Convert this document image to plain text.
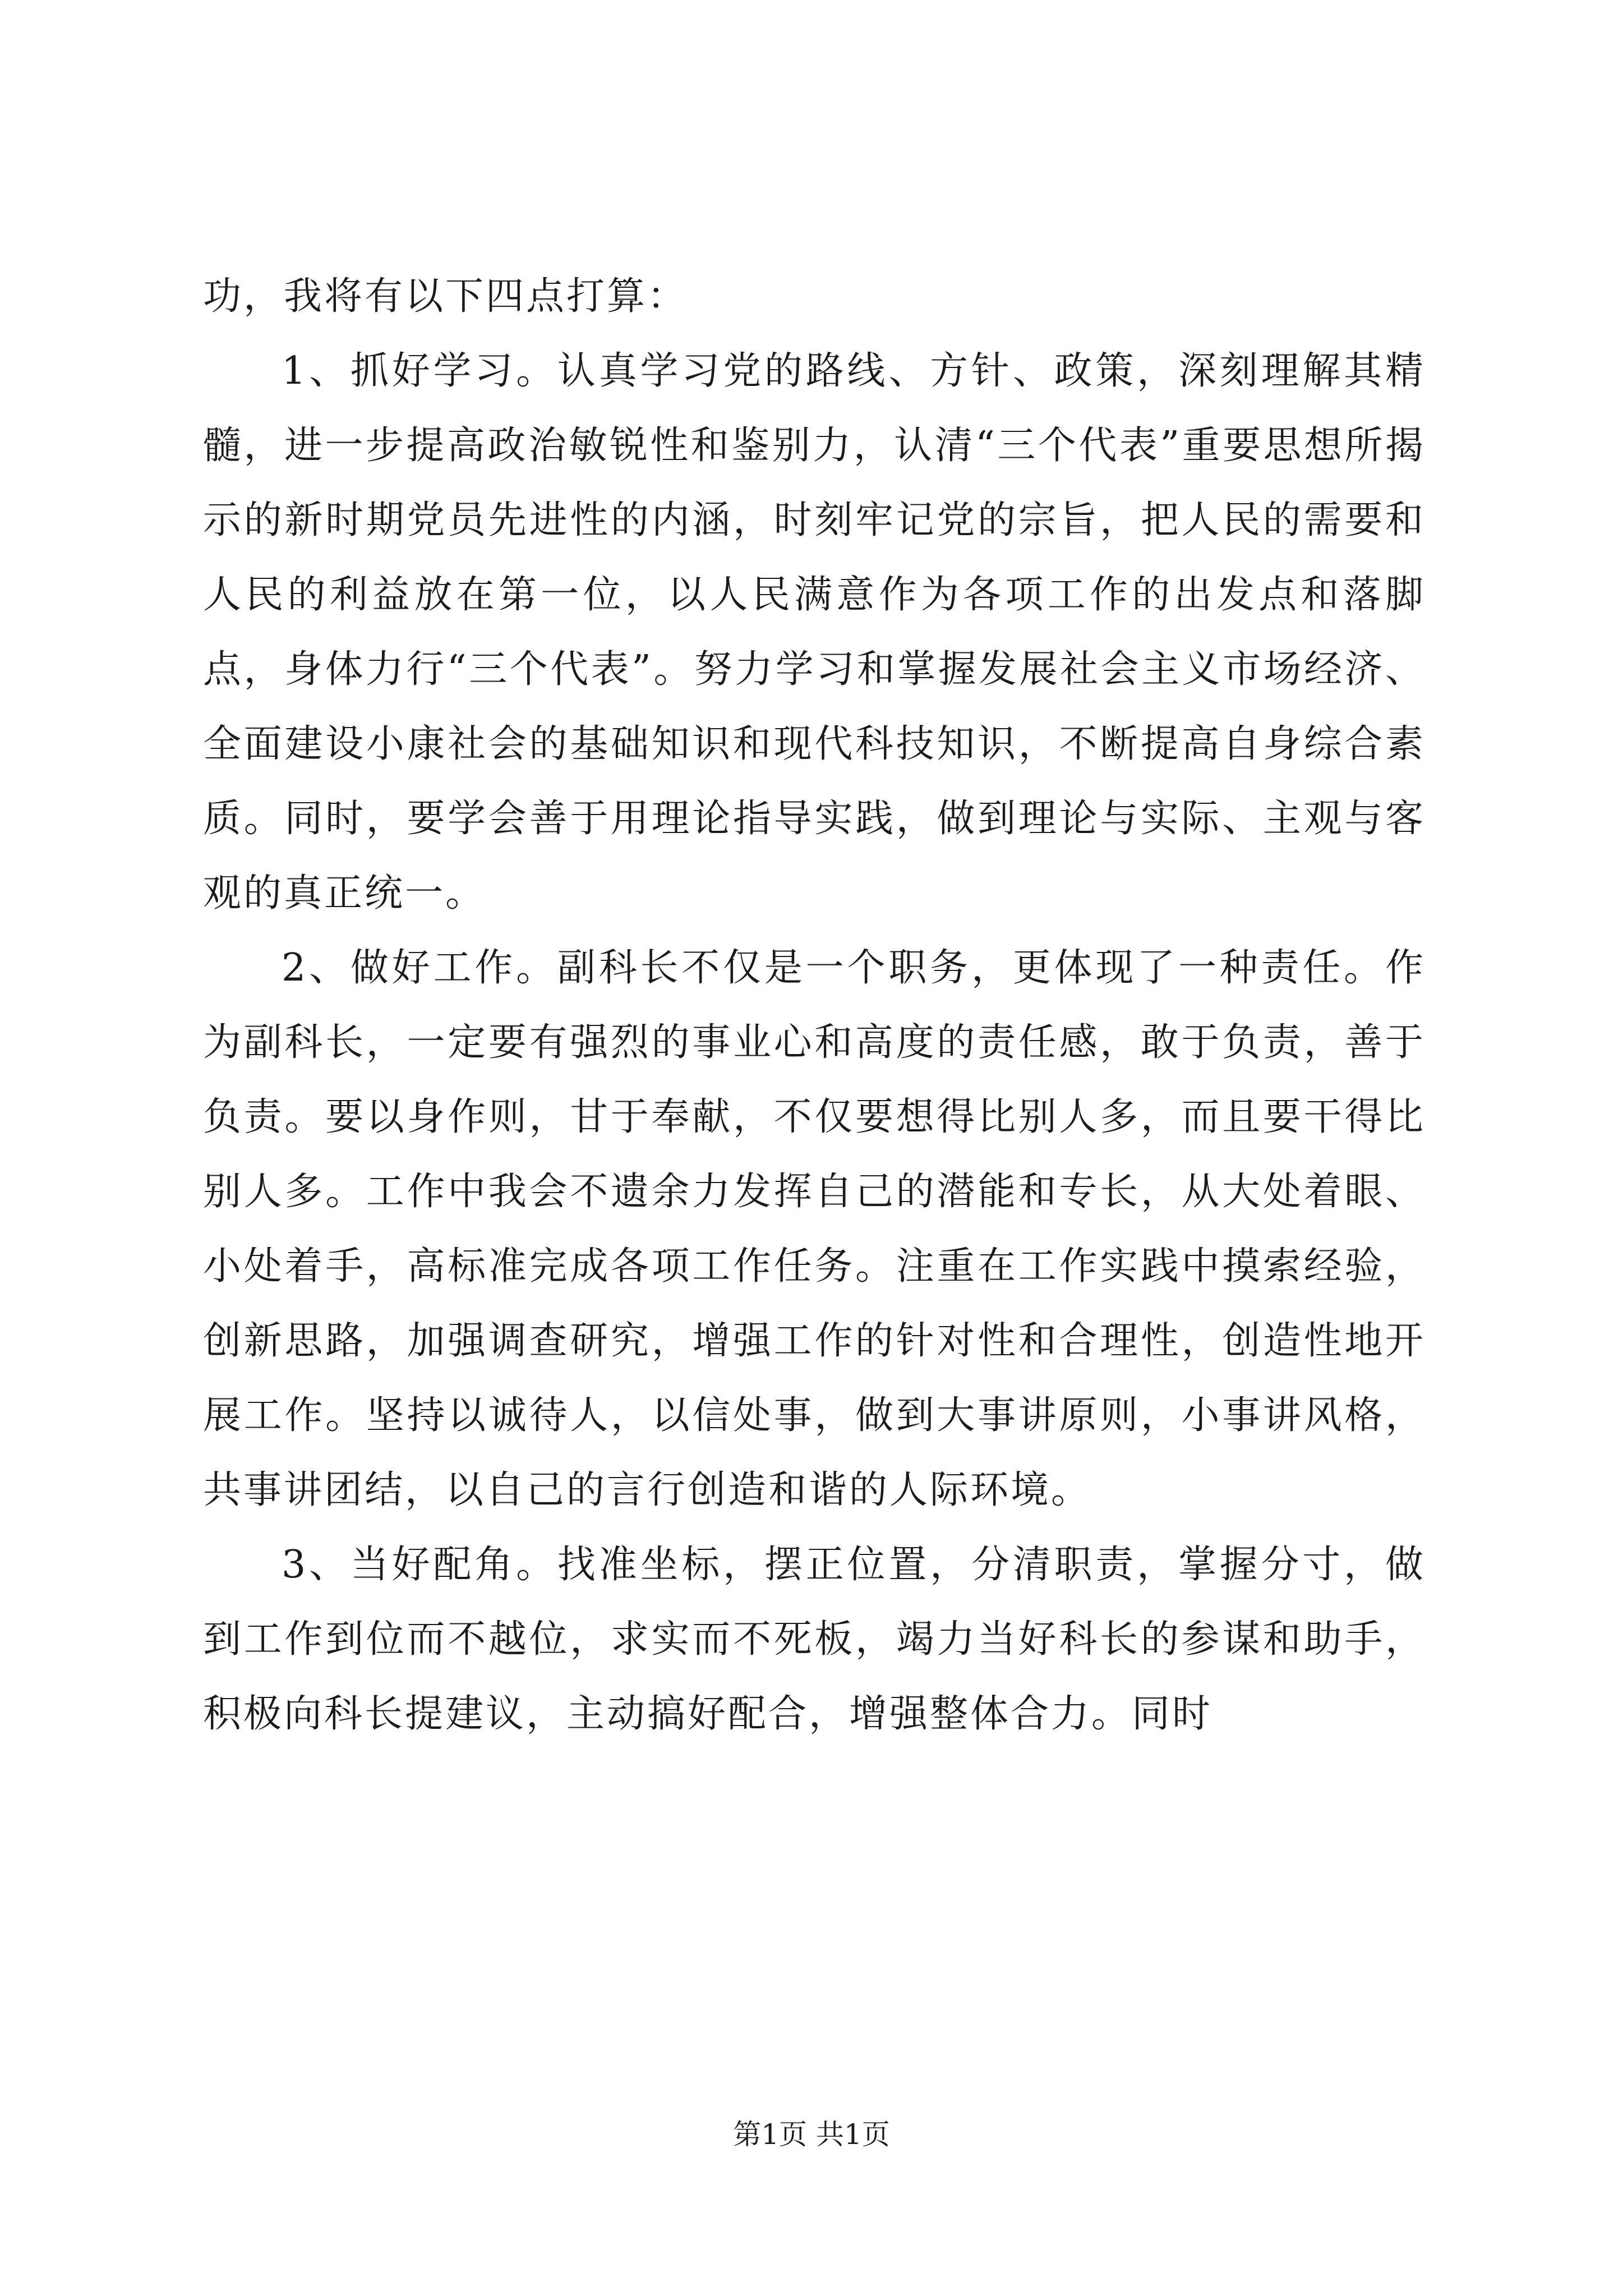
功，我将有以下四点打算：

1、抓好学习。认真学习党的路线、方针、政策，深刻理解其精髓，进一步提高政治敏锐性和鉴别力，认清“三个代表”重要思想所揭示的新时期党员先进性的内涵，时刻牢记党的宗旨，把人民的需要和人民的利益放在第一位，以人民满意作为各项工作的出发点和落脚点，身体力行“三个代表”。努力学习和掌握发展社会主义市场经济、全面建设小康社会的基础知识和现代科技知识，不断提高自身综合素质。同时，要学会善于用理论指导实践，做到理论与实际、主观与客观的真正统一。

2、做好工作。副科长不仅是一个职务，更体现了一种责任。作为副科长，一定要有强烈的事业心和高度的责任感，敢于负责，善于负责。要以身作则，甘于奉献，不仅要想得比别人多，而且要干得比别人多。工作中我会不遗余力发挥自己的潜能和专长，从大处着眼、小处着手，高标准完成各项工作任务。注重在工作实践中摸索经验，创新思路，加强调查研究，增强工作的针对性和合理性，创造性地开展工作。坚持以诚待人，以信处事，做到大事讲原则，小事讲风格，共事讲团结，以自己的言行创造和谐的人际环境。

3、当好配角。找准坐标，摆正位置，分清职责，掌握分寸，做到工作到位而不越位，求实而不死板，竭力当好科长的参谋和助手，积极向科长提建议，主动搞好配合，增强整体合力。同时

第1页 共1页
